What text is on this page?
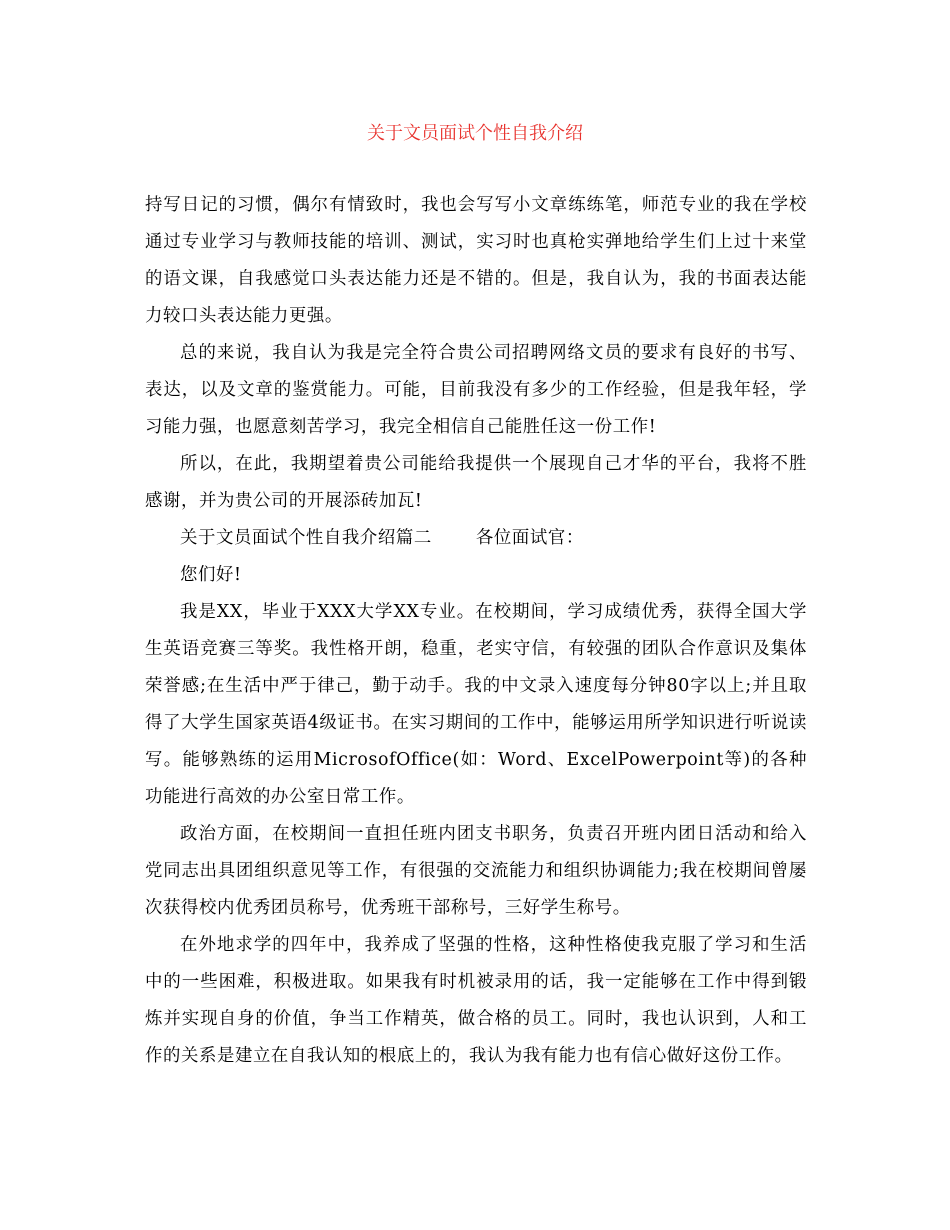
关于文员面试个性自我介绍

持写日记的习惯，偶尔有情致时，我也会写写小文章练练笔，师范专业的我在学校通过专业学习与教师技能的培训、测试，实习时也真枪实弹地给学生们上过十来堂的语文课，自我感觉口头表达能力还是不错的。但是，我自认为，我的书面表达能力较口头表达能力更强。

总的来说，我自认为我是完全符合贵公司招聘网络文员的要求有良好的书写、表达，以及文章的鉴赏能力。可能，目前我没有多少的工作经验，但是我年轻，学习能力强，也愿意刻苦学习，我完全相信自己能胜任这一份工作!

所以，在此，我期望着贵公司能给我提供一个展现自己才华的平台，我将不胜感谢，并为贵公司的开展添砖加瓦!

关于文员面试个性自我介绍篇二	各位面试官：

您们好!

我是XX，毕业于XXX大学XX专业。在校期间，学习成绩优秀，获得全国大学生英语竞赛三等奖。我性格开朗，稳重，老实守信，有较强的团队合作意识及集体荣誉感;在生活中严于律己，勤于动手。我的中文录入速度每分钟80字以上;并且取得了大学生国家英语4级证书。在实习期间的工作中，能够运用所学知识进行听说读写。能够熟练的运用MicrosofOffice(如：Word、ExcelPowerpoint等)的各种功能进行高效的办公室日常工作。

政治方面，在校期间一直担任班内团支书职务，负责召开班内团日活动和给入党同志出具团组织意见等工作，有很强的交流能力和组织协调能力;我在校期间曾屡次获得校内优秀团员称号，优秀班干部称号，三好学生称号。

在外地求学的四年中，我养成了坚强的性格，这种性格使我克服了学习和生活中的一些困难，积极进取。如果我有时机被录用的话，我一定能够在工作中得到锻炼并实现自身的价值，争当工作精英，做合格的员工。同时，我也认识到，人和工作的关系是建立在自我认知的根底上的，我认为我有能力也有信心做好这份工作。
